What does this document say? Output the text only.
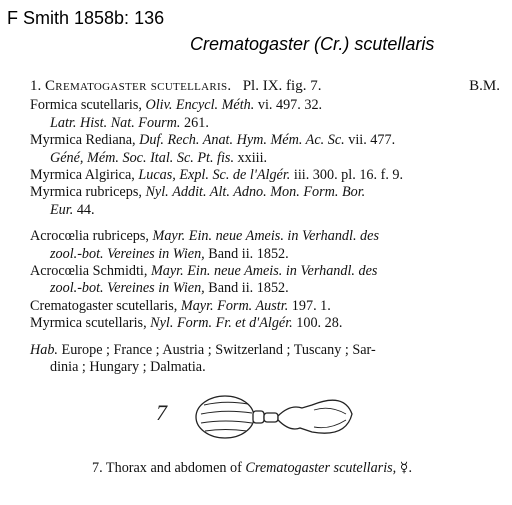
F Smith 1858b: 136
Crematogaster (Cr.) scutellaris
1. Crematogaster scutellaris. Pl. IX. fig. 7.	B.M.
Formica scutellaris, Oliv. Encycl. Méth. vi. 497. 32.
Latr. Hist. Nat. Fourm. 261.
Myrmica Rediana, Duf. Rech. Anat. Hym. Mém. Ac. Sc. vii. 477.
Géné, Mém. Soc. Ital. Sc. Pt. fis. xxiii.
Myrmica Algirica, Lucas, Expl. Sc. de l'Algér. iii. 300. pl. 16. f. 9.
Myrmica rubriceps, Nyl. Addit. Alt. Adno. Mon. Form. Bor.
Eur. 44.
Acrocœlia rubriceps, Mayr. Ein. neue Ameis. in Verhandl. des
zool.-bot. Vereines in Wien, Band ii. 1852.
Acrocœlia Schmidti, Mayr. Ein. neue Ameis. in Verhandl. des
zool.-bot. Vereines in Wien, Band ii. 1852.
Crematogaster scutellaris, Mayr. Form. Austr. 197. 1.
Myrmica scutellaris, Nyl. Form. Fr. et d'Algér. 100. 28.
Hab. Europe ; France ; Austria ; Switzerland ; Tuscany ; Sar-
dinia ; Hungary ; Dalmatia.
7
7. Thorax and abdomen of Crematogaster scutellaris, ☿.
